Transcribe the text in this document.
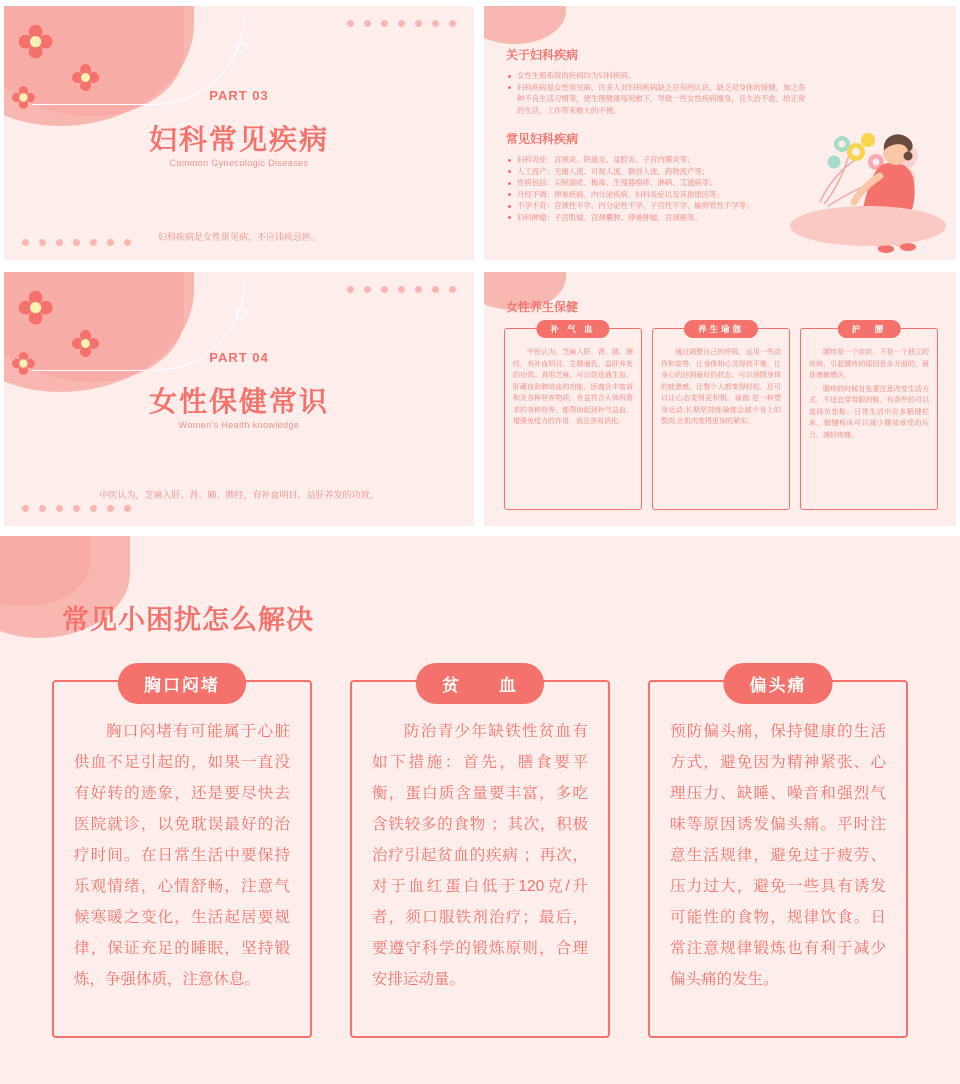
PART 03
妇科常见疾病
Common Gynecologic Diseases
妇科疾病是女性常见病，不应讳疾忌医。
关于妇科疾病
女性生殖系统的疾病均为妇科疾病。
妇科疾病是女性常见病，许多人对妇科疾病缺乏应有的认识，缺乏对身体的保健，加之各种不良生活习惯等，使生理健康每况愈下，导致一些女性疾病缠身，且久治不愈，给正常的生活、工作带来极大的不便。
常见妇科疾病
妇科炎症：宫颈炎、阴道炎、盆腔炎、子宫内膜炎等；
人工流产：无痛人流、可视人流、微创人流、药物流产等；
性病包括：尖锐湿疣、梅毒、生殖器疱疹、淋病、艾滋病等；
月经不调：卵巢疾病、内分泌疾病、妇科炎症以及其他原因等；
不孕不育：宫颈性不孕、内分泌性不孕、子宫性不孕、输卵管性不孕等；
妇科肿瘤：子宫肌瘤、宫颈囊肿、卵巢肿瘤、宫颈癌等。
PART 04
女性保健常识
Women's Health knowledge
中医认为，芝麻入肝、肾、肺、脾经，有补血明目、益肝养发的功效。
女性养生保健
补 气 血

中医认为，芝麻入肝、肾、肺、脾经，有补血明目、生精通乳、益肝养发的功效。食用芝麻，可以促进通生血、肝藏血和脾统血的功能。医腐含丰富营和及各种营养物质，有益符合人体所需求的各种营养，能帮助起到补气益血、增强免疫力的作用，而且容易消化。

养生瑜伽

通过调整自己的呼吸，运用一些动作和姿势，让身体和心灵得到平衡，让身心的达到最好的状态。可以消除身体的疲惫感，让整个人都变得轻松，还可以让心态变得更积极。瑜伽 是一种塑身运动,长期坚持练瑜伽会减少身上的赘肉,让肌肉变得更加的紧实。

护　腰

腰疼是一个症状，不是一个独立的疾病，引起腰疼的原因是多方面的，最徒康敏感区。

腰疼的时候首先要注意改变生活方式，不适宜穿带跟的鞋，有条件的可以选择负垫鞋。日常生活中应多锻键松床，锻键板床可以减少腰部承受的压力，减轻疼痛。

常见小困扰怎么解决
胸口闷堵

胸口闷堵有可能属于心脏供血不足引起的，如果一直没有好转的迹象，还是要尽快去医院就诊，以免耽误最好的治疗时间。在日常生活中要保持乐观情绪，心情舒畅，注意气候寒暖之变化，生活起居要规律，保证充足的睡眠，坚持锻炼，争强体质，注意休息。

贫　　血

防治青少年缺铁性贫血有如下措施：首先，膳食要平衡，蛋白质含量要丰富，多吃含铁较多的食物 ；其次，积极治疗引起贫血的疾病 ；再次，对于血红蛋白低于120克/升者，须口服铁剂治疗；最后，要遵守科学的锻炼原则，合理安排运动量。

偏头痛

预防偏头痛，保持健康的生活方式，避免因为精神紧张、心理压力、缺睡、噪音和强烈气味等原因诱发偏头痛。平时注意生活规律，避免过于疲劳、压力过大，避免一些具有诱发可能性的食物，规律饮食。日常注意规律锻炼也有利于减少偏头痛的发生。
